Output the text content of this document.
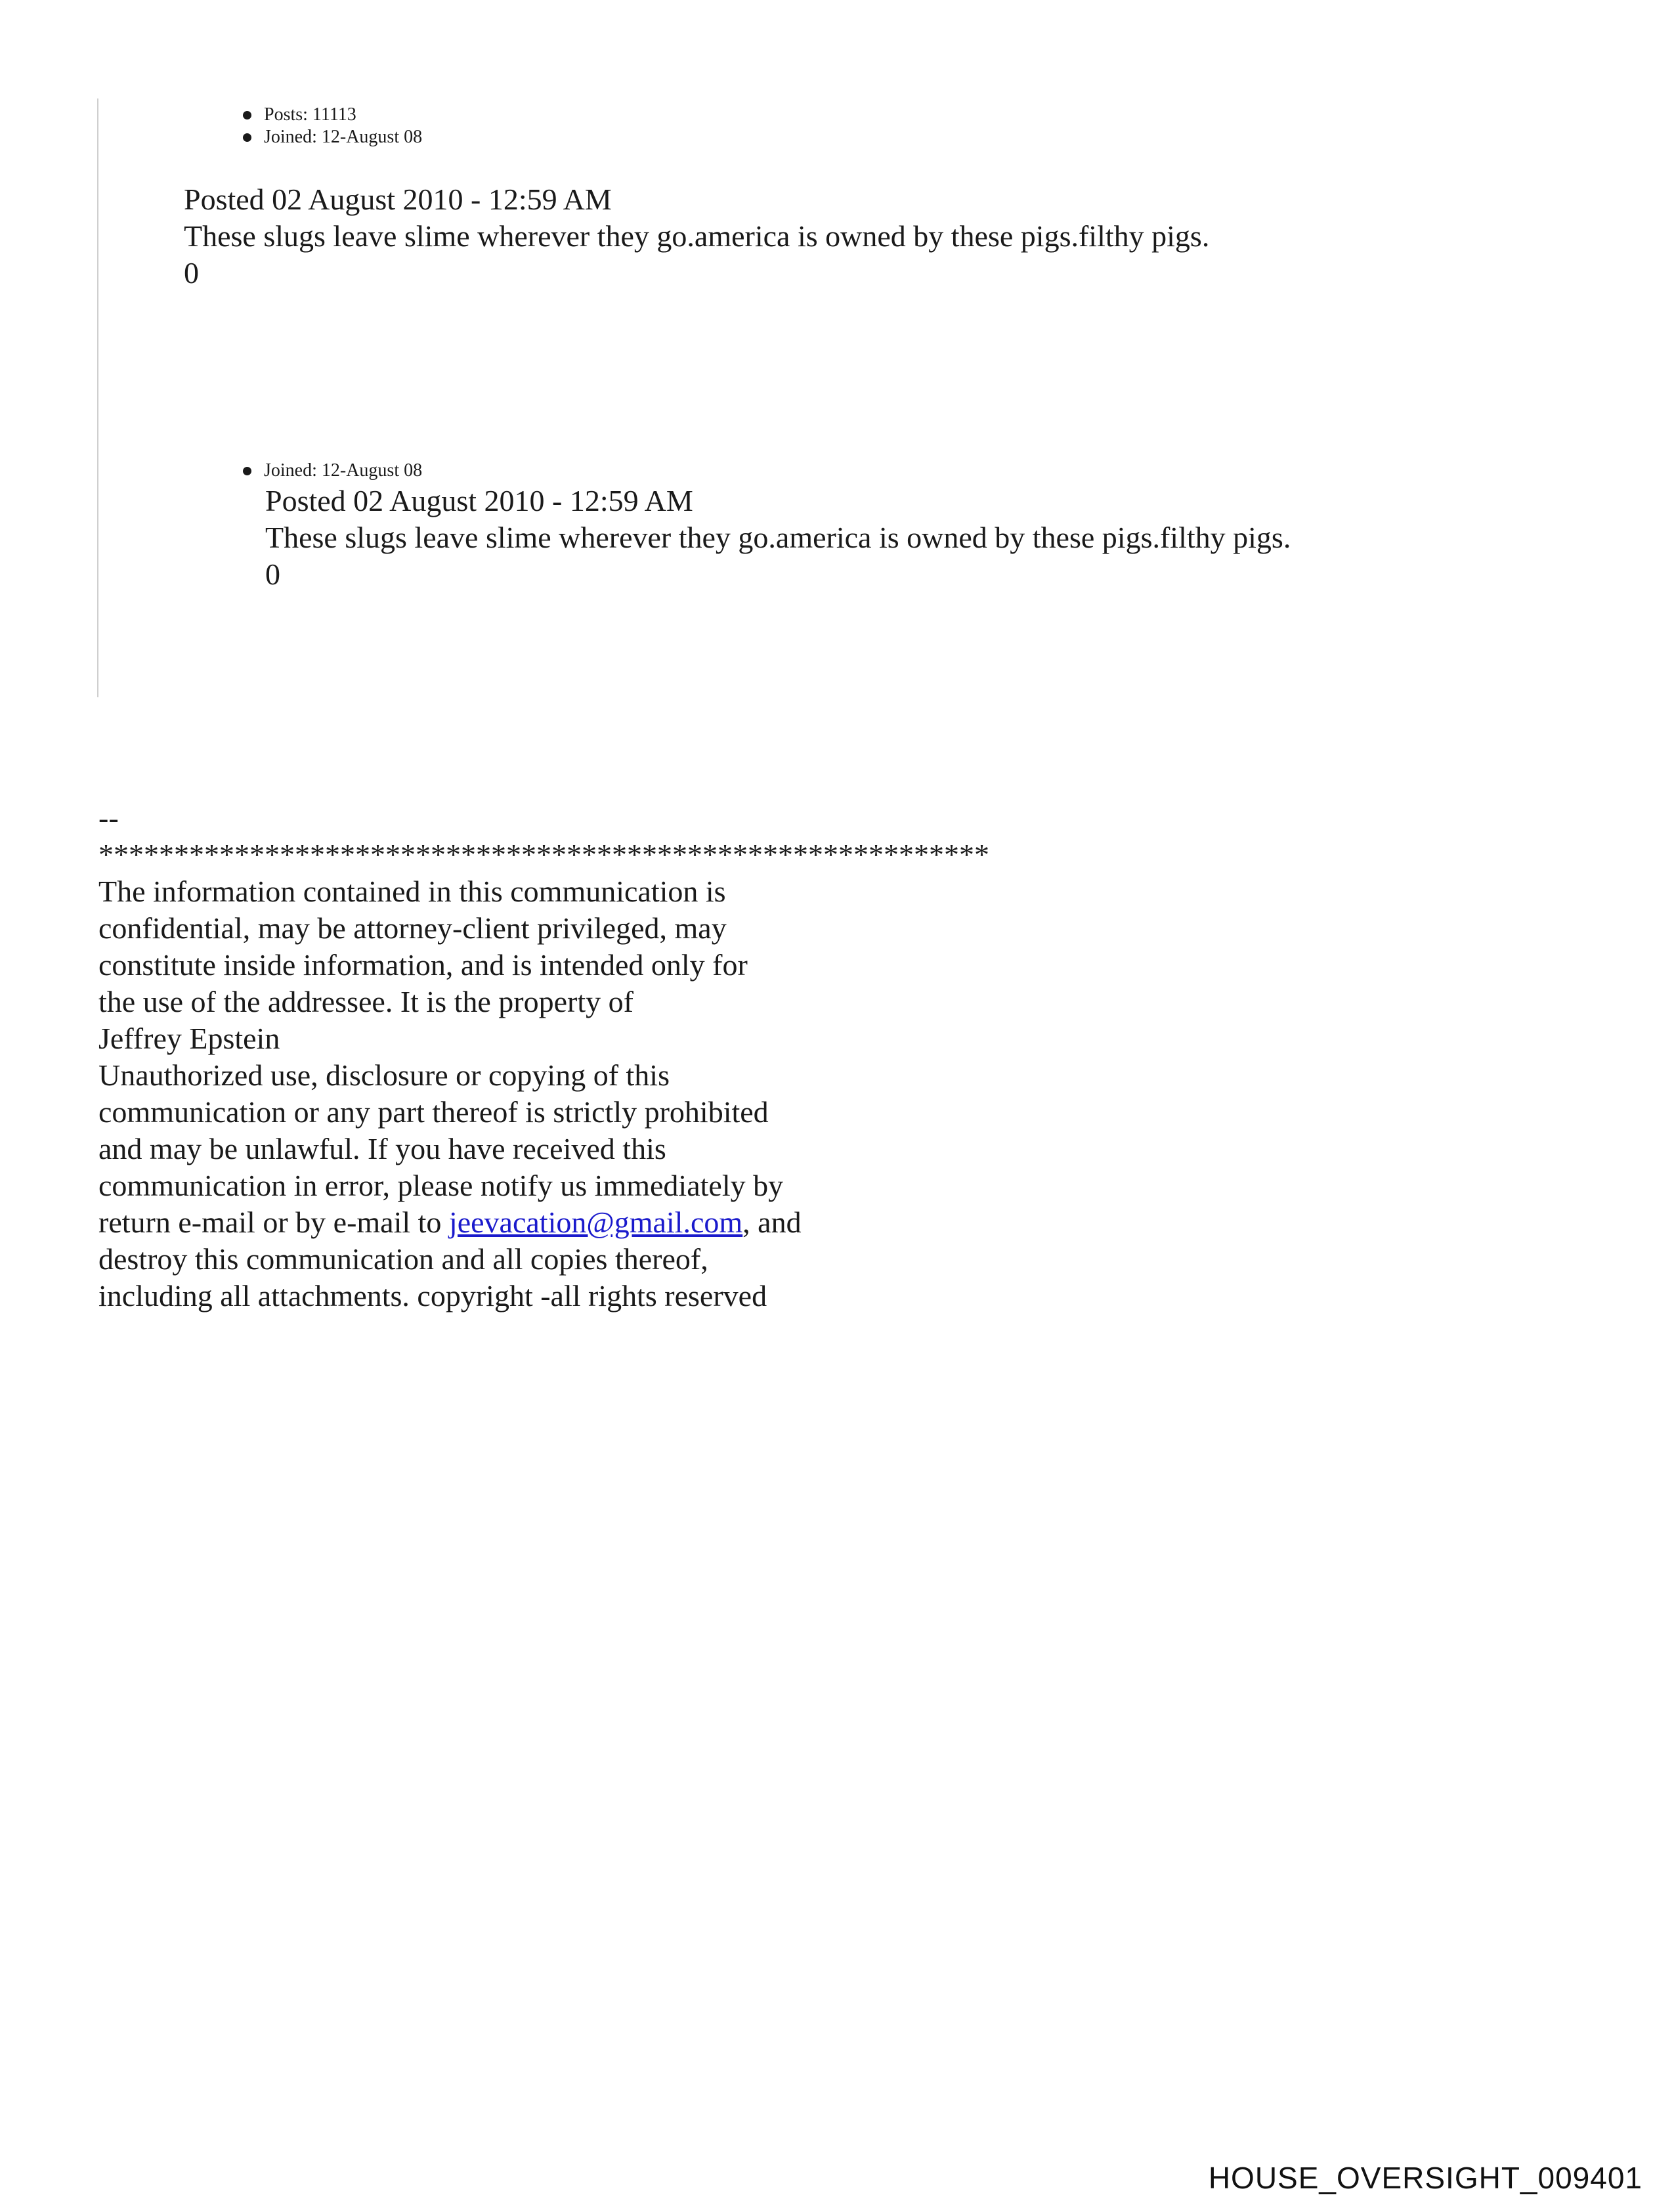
Posts: 11113
Joined: 12-August 08
Posted 02 August 2010 - 12:59 AM
These slugs leave slime wherever they go.america is owned by these pigs.filthy pigs.
0
Joined: 12-August 08
Posted 02 August 2010 - 12:59 AM
These slugs leave slime wherever they go.america is owned by these pigs.filthy pigs.
0
--
***********************************************************
The information contained in this communication is
confidential, may be attorney-client privileged, may
constitute inside information, and is intended only for
the use of the addressee. It is the property of
Jeffrey Epstein
Unauthorized use, disclosure or copying of this
communication or any part thereof is strictly prohibited
and may be unlawful. If you have received this
communication in error, please notify us immediately by
return e-mail or by e-mail to jeevacation@gmail.com, and
destroy this communication and all copies thereof,
including all attachments. copyright -all rights reserved
HOUSE_OVERSIGHT_009401
